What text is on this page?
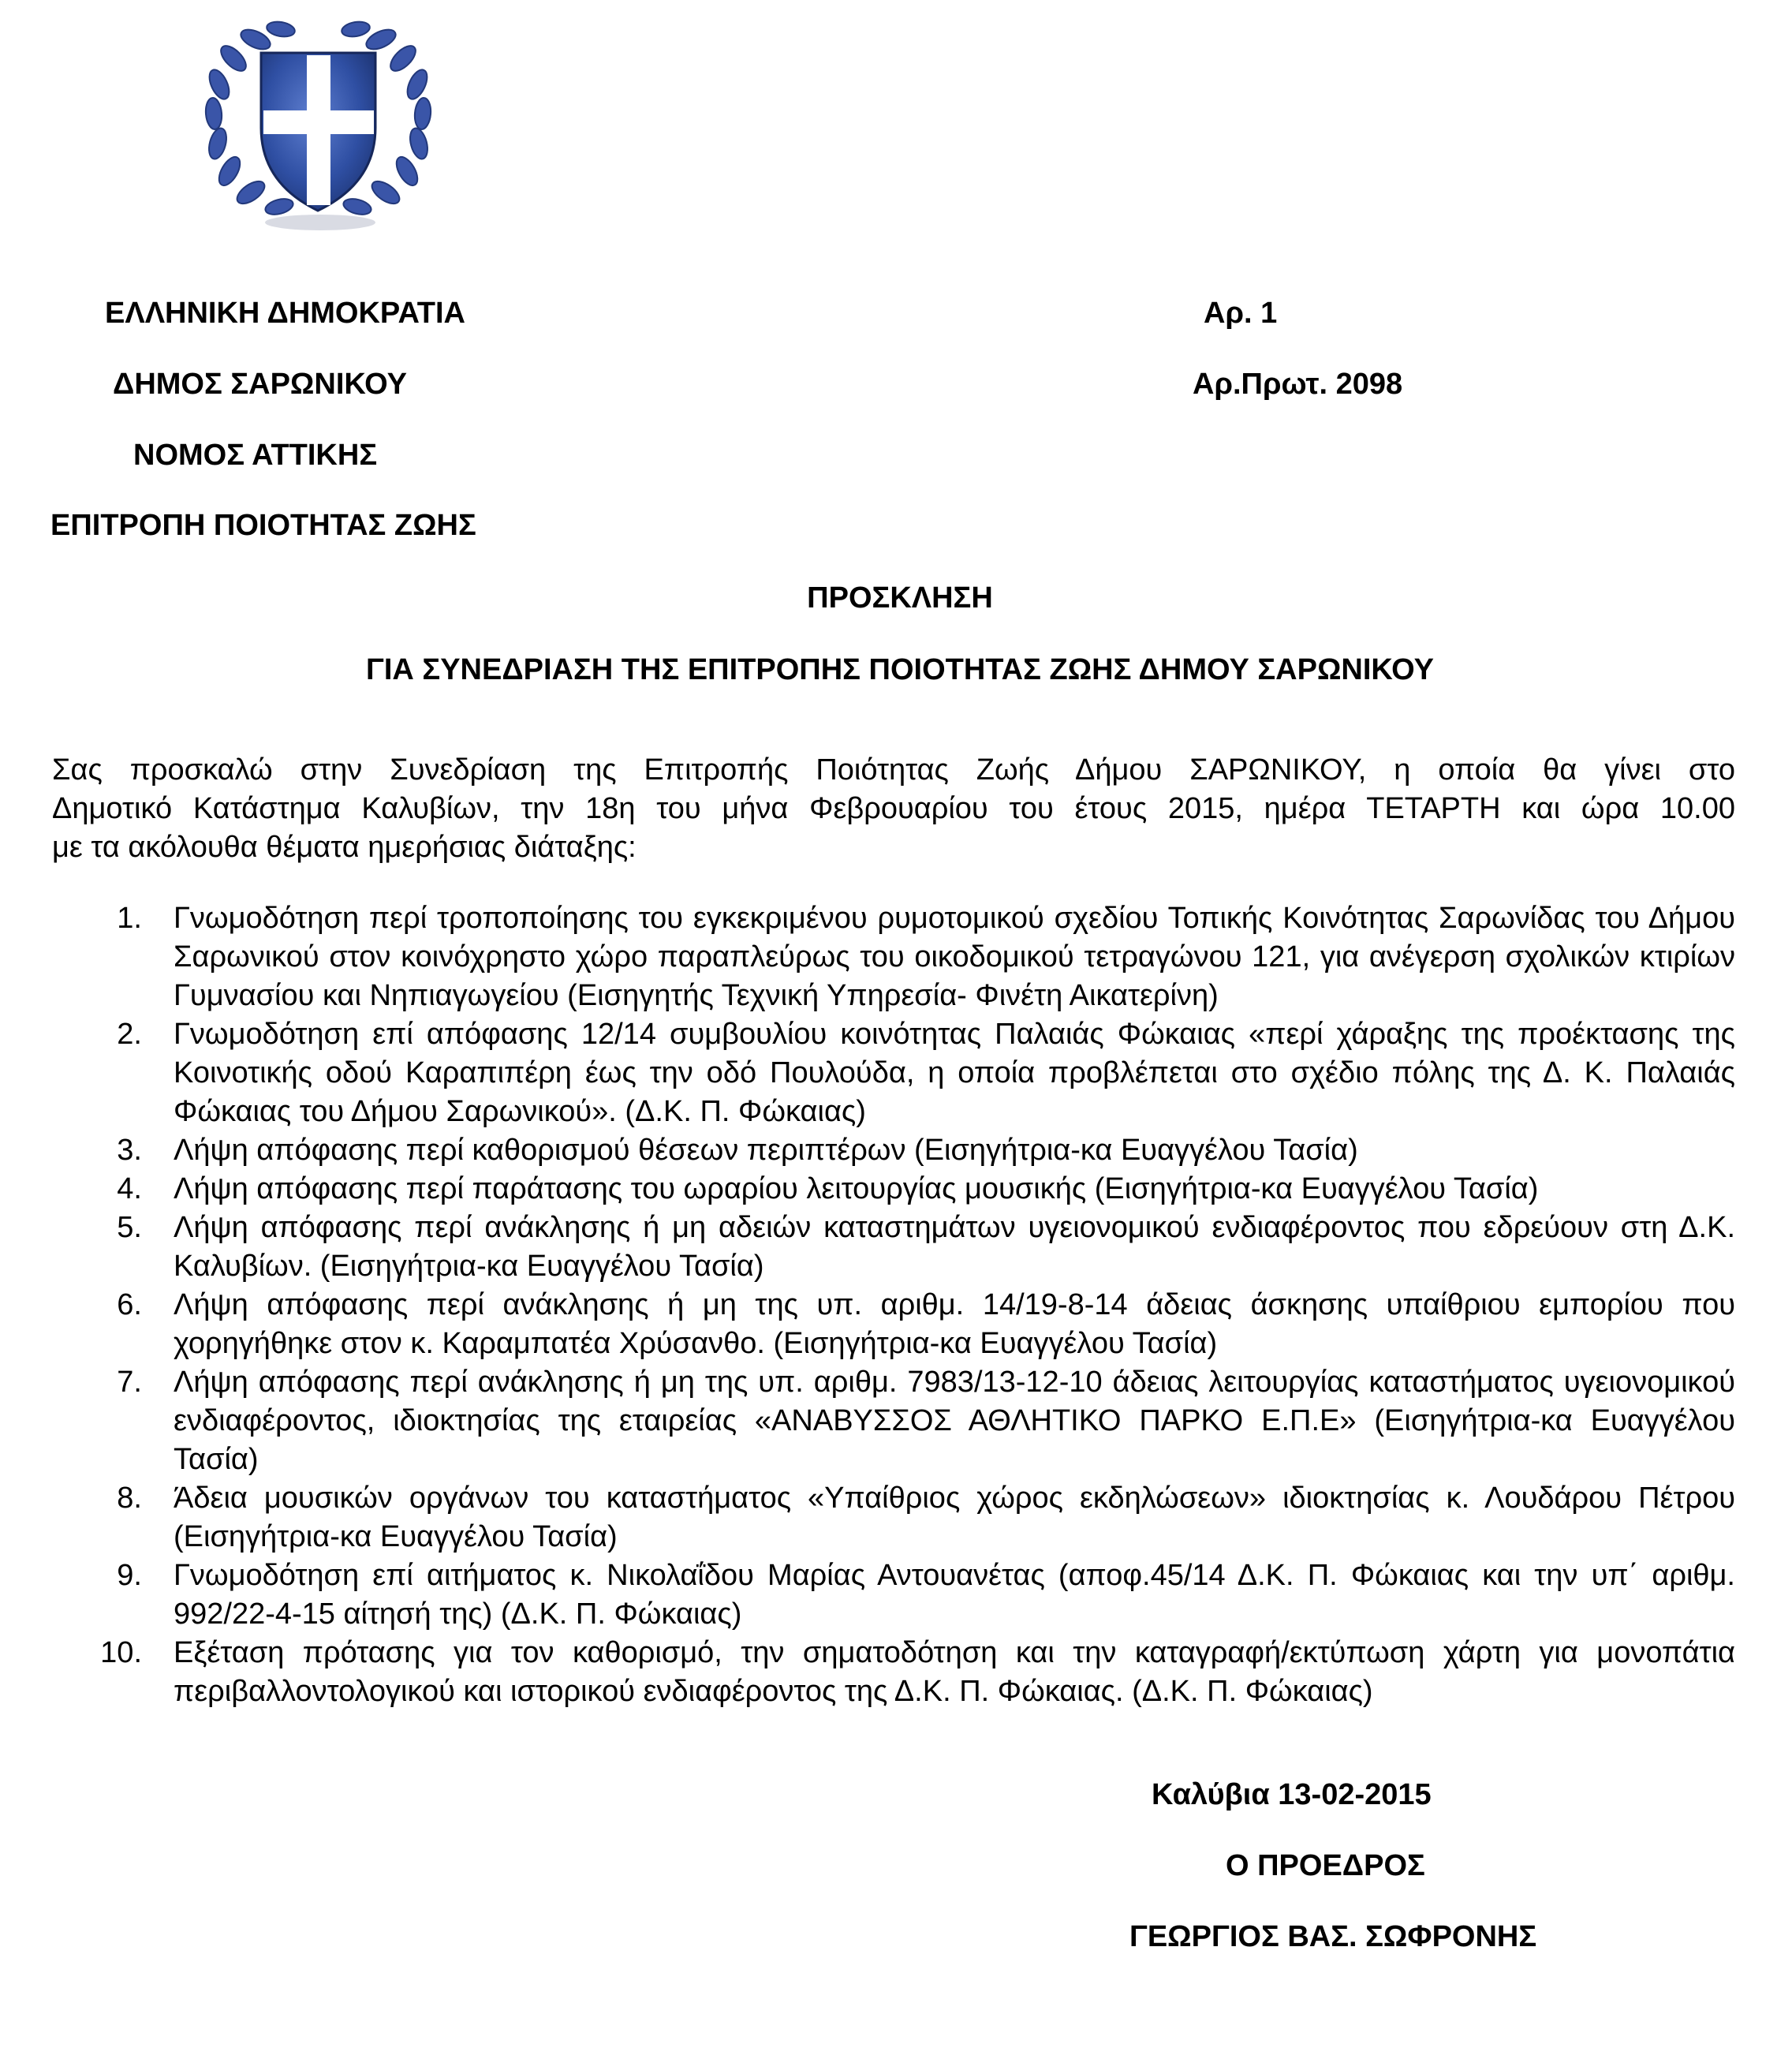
ΕΛΛΗΝΙΚΗ ΔΗΜΟΚΡΑΤΙΑ
ΔΗΜΟΣ ΣΑΡΩΝΙΚΟΥ
ΝΟΜΟΣ ΑΤΤΙΚΗΣ
ΕΠΙΤΡΟΠΗ ΠΟΙΟΤΗΤΑΣ ΖΩΗΣ
Αρ. 1
Αρ.Πρωτ. 2098
ΠΡΟΣΚΛΗΣΗ
ΓΙΑ ΣΥΝΕΔΡΙΑΣΗ ΤΗΣ ΕΠΙΤΡΟΠΗΣ ΠΟΙΟΤΗΤΑΣ ΖΩΗΣ ΔΗΜΟΥ ΣΑΡΩΝΙΚΟΥ
Σας προσκαλώ στην Συνεδρίαση της Επιτροπής Ποιότητας Ζωής Δήμου ΣΑΡΩΝΙΚΟΥ, η οποία θα γίνει στο
Δημοτικό Κατάστημα Καλυβίων, την 18η του μήνα Φεβρουαρίου του έτους 2015, ημέρα ΤΕΤΑΡΤΗ και ώρα 10.00
με τα ακόλουθα θέματα ημερήσιας διάταξης:
1. Γνωμοδότηση περί τροποποίησης του εγκεκριμένου ρυμοτομικού σχεδίου Τοπικής Κοινότητας Σαρωνίδας του Δήμου Σαρωνικού στον κοινόχρηστο χώρο παραπλεύρως του οικοδομικού τετραγώνου 121, για ανέγερση σχολικών κτιρίων Γυμνασίου και Νηπιαγωγείου (Εισηγητής Τεχνική Υπηρεσία- Φινέτη Αικατερίνη)
2. Γνωμοδότηση επί απόφασης 12/14 συμβουλίου κοινότητας Παλαιάς Φώκαιας «περί χάραξης της προέκτασης της Κοινοτικής οδού Καραπιπέρη έως την οδό Πουλούδα, η οποία προβλέπεται στο σχέδιο πόλης της Δ. Κ. Παλαιάς Φώκαιας του Δήμου Σαρωνικού». (Δ.Κ. Π. Φώκαιας)
3. Λήψη απόφασης περί καθορισμού θέσεων περιπτέρων (Εισηγήτρια-κα Ευαγγέλου Τασία)
4. Λήψη απόφασης περί παράτασης του ωραρίου λειτουργίας μουσικής (Εισηγήτρια-κα Ευαγγέλου Τασία)
5. Λήψη απόφασης περί ανάκλησης ή μη αδειών καταστημάτων υγειονομικού ενδιαφέροντος που εδρεύουν στη Δ.Κ. Καλυβίων. (Εισηγήτρια-κα Ευαγγέλου Τασία)
6. Λήψη απόφασης περί ανάκλησης ή μη της υπ. αριθμ. 14/19-8-14 άδειας άσκησης υπαίθριου εμπορίου που χορηγήθηκε στον κ. Καραμπατέα Χρύσανθο. (Εισηγήτρια-κα Ευαγγέλου Τασία)
7. Λήψη απόφασης περί ανάκλησης ή μη της υπ. αριθμ. 7983/13-12-10 άδειας λειτουργίας καταστήματος υγειονομικού ενδιαφέροντος, ιδιοκτησίας της εταιρείας «ΑΝΑΒΥΣΣΟΣ ΑΘΛΗΤΙΚΟ ΠΑΡΚΟ Ε.Π.Ε» (Εισηγήτρια-κα Ευαγγέλου Τασία)
8. Άδεια μουσικών οργάνων του καταστήματος «Υπαίθριος χώρος εκδηλώσεων» ιδιοκτησίας κ. Λουδάρου Πέτρου (Εισηγήτρια-κα Ευαγγέλου Τασία)
9. Γνωμοδότηση επί αιτήματος κ. Νικολαΐδου Μαρίας Αντουανέτας (αποφ.45/14 Δ.Κ. Π. Φώκαιας και την υπ΄ αριθμ. 992/22-4-15 αίτησή της) (Δ.Κ. Π. Φώκαιας)
10. Εξέταση πρότασης για τον καθορισμό, την σηματοδότηση και την καταγραφή/εκτύπωση χάρτη για μονοπάτια περιβαλλοντολογικού και ιστορικού ενδιαφέροντος της Δ.Κ. Π. Φώκαιας. (Δ.Κ. Π. Φώκαιας)
Καλύβια 13-02-2015
Ο ΠΡΟΕΔΡΟΣ
ΓΕΩΡΓΙΟΣ ΒΑΣ. ΣΩΦΡΟΝΗΣ
